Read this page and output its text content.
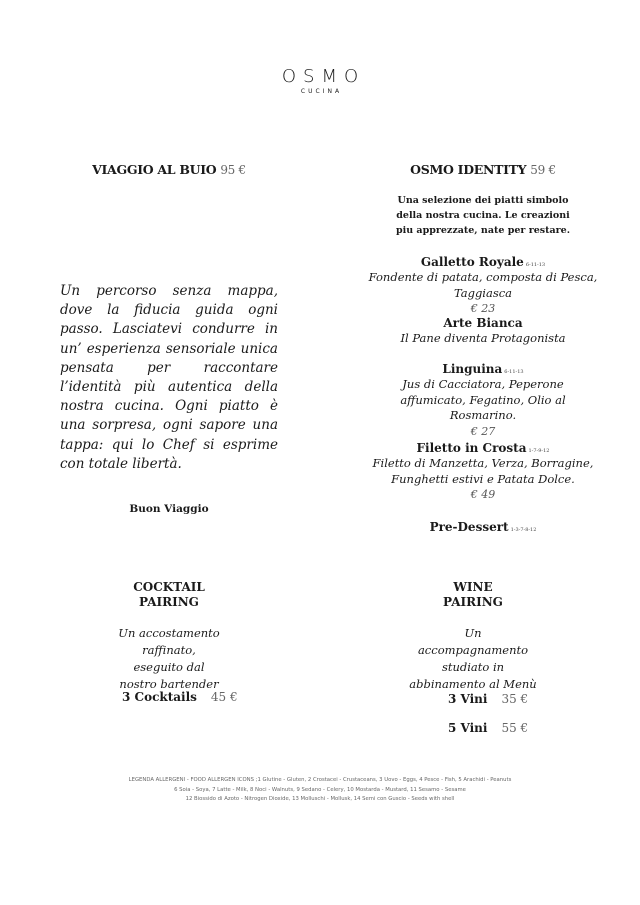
OSMO
CUCINA
VIAGGIO AL BUIO 95 €	OSMO IDENTITY 59 €
Una selezione dei piatti simbolo della nostra cucina. Le creazioni piu apprezzate, nate per restare.
Un percorso senza mappa, dove la fiducia guida ogni passo. Lasciatevi condurre in un’ esperienza sensoriale unica pensata per raccontare l’identità più autentica della nostra cucina. Ogni piatto è una sorpresa, ogni sapore una tappa: qui lo Chef si esprime con totale libertà.
Buon Viaggio
Galletto Royale 6-11-13
Fondente di patata, composta di Pesca, Taggiasca
€ 23
Arte Bianca
Il Pane diventa Protagonista
Linguina 6-11-13
Jus di Cacciatora, Peperone affumicato, Fegatino, Olio al Rosmarino.
€ 27
Filetto in Crosta 1-7-9-12
Filetto di Manzetta, Verza, Borragine, Funghetti estivi e Patata Dolce.
€ 49
Pre-Dessert 1-3-7-8-12
COCKTAIL
PAIRING
Un accostamento raffinato, eseguito dal nostro bartender
3 Cocktails 45 €
WINE
PAIRING
Un accompagnamento studiato in abbinamento al Menù
3 Vini 35 €
5 Vini 55 €
LEGENDA ALLERGENI - FOOD ALLERGEN ICONS ;1 Glutine - Gluten, 2 Crostacei - Crustaceans, 3 Uovo - Eggs, 4 Pesce - Fish, 5 Arachidi - Peanuts
6 Soia - Soya, 7 Latte - Milk, 8 Noci - Walnuts, 9 Sedano - Celery, 10 Mostarda - Mustard, 11 Sesamo - Sesame
12 Biossido di Azoto - Nitrogen Dioxide, 13 Molluschi - Mollusk, 14 Semi con Guscio - Seeds with shell
